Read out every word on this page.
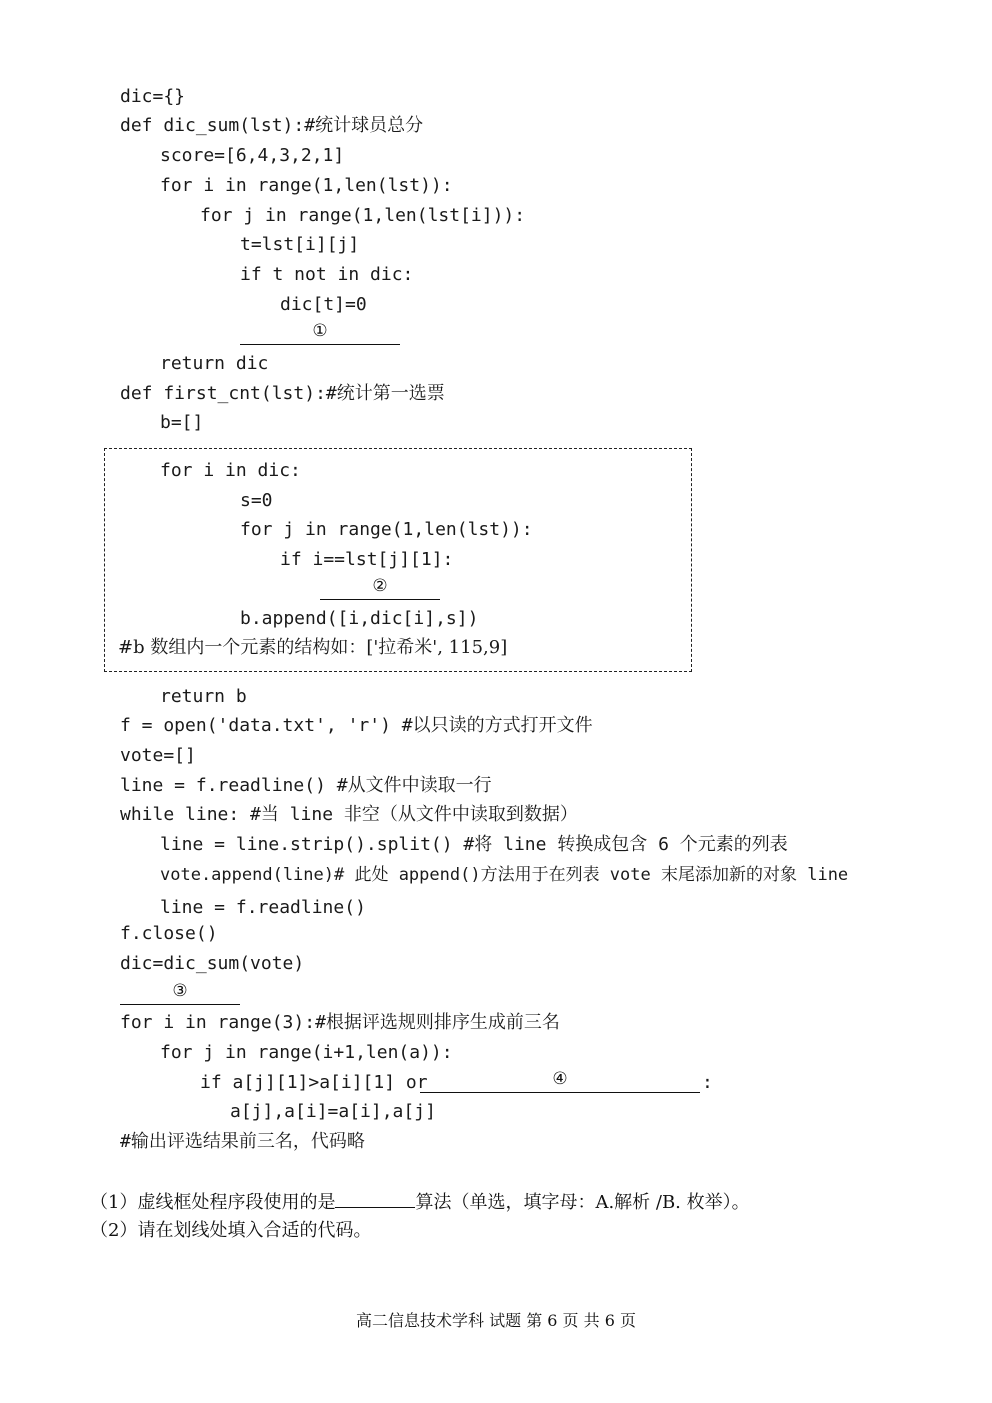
dic={}
def dic_sum(lst):#统计球员总分
score=[6,4,3,2,1]
for i in range(1,len(lst)):
for j in range(1,len(lst[i])):
t=lst[i][j]
if t not in dic:
dic[t]=0
①
return dic
def first_cnt(lst):#统计第一选票
b=[]
for i in dic:
s=0
for j in range(1,len(lst)):
if i==lst[j][1]:
②
b.append([i,dic[i],s])
#b 数组内一个元素的结构如：['拉希米', 115,9]
return b
f = open('data.txt', 'r') #以只读的方式打开文件
vote=[]
line = f.readline() #从文件中读取一行
while line: #当 line 非空（从文件中读取到数据）
line = line.strip().split() #将 line 转换成包含 6 个元素的列表
vote.append(line)# 此处 append()方法用于在列表 vote 末尾添加新的对象 line
line = f.readline()
f.close()
dic=dic_sum(vote)
③
for i in range(3):#根据评选规则排序生成前三名
for j in range(i+1,len(a)):
if a[j][1]>a[i][1] or	④	:
a[j],a[i]=a[i],a[j]
#输出评选结果前三名，代码略
（1）虚线框处程序段使用的是	算法（单选，填字母：A.解析 /B. 枚举）。
（2）请在划线处填入合适的代码。
高二信息技术学科 试题 第 6 页 共 6 页
